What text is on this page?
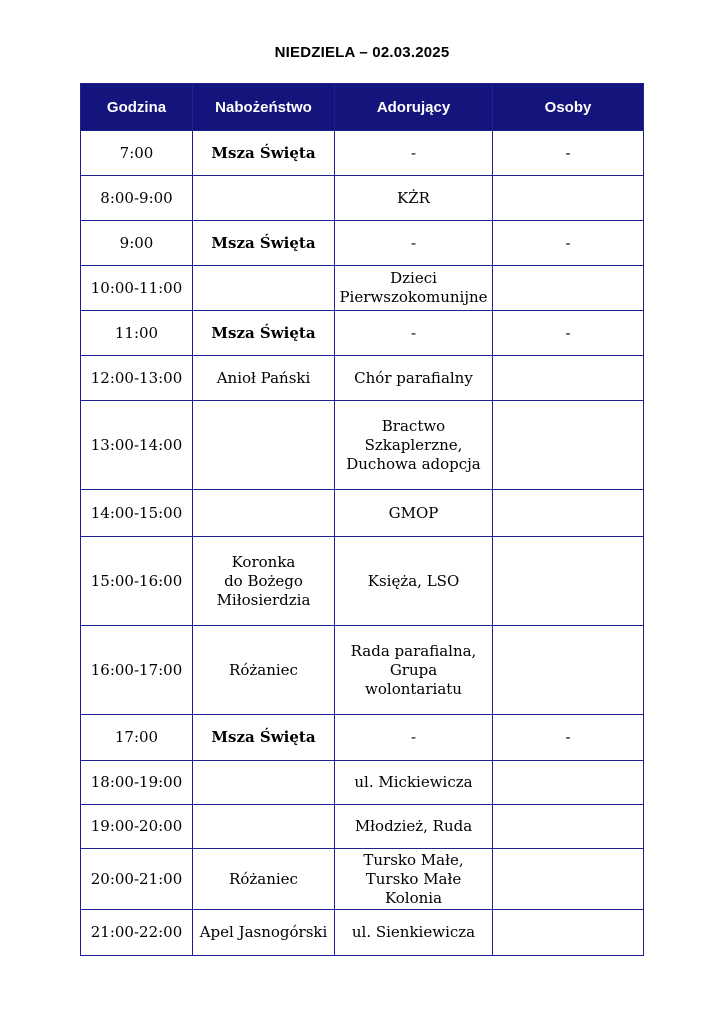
NIEDZIELA – 02.03.2025
Godzina	Nabożeństwo	Adorujący	Osoby
7:00	Msza Święta	-	-
8:00-9:00		KŻR	
9:00	Msza Święta	-	-
10:00-11:00		Dzieci
Pierwszokomunijne	
11:00	Msza Święta	-	-
12:00-13:00	Anioł Pański	Chór parafialny	
13:00-14:00		Bractwo
Szkaplerzne,
Duchowa adopcja	
14:00-15:00		GMOP	
15:00-16:00	Koronka
do Bożego
Miłosierdzia	Księża, LSO	
16:00-17:00	Różaniec	Rada parafialna,
Grupa wolontariatu	
17:00	Msza Święta	-	-
18:00-19:00		ul. Mickiewicza	
19:00-20:00		Młodzież, Ruda	
20:00-21:00	Różaniec	Tursko Małe,
Tursko Małe
Kolonia	
21:00-22:00	Apel Jasnogórski	ul. Sienkiewicza	
